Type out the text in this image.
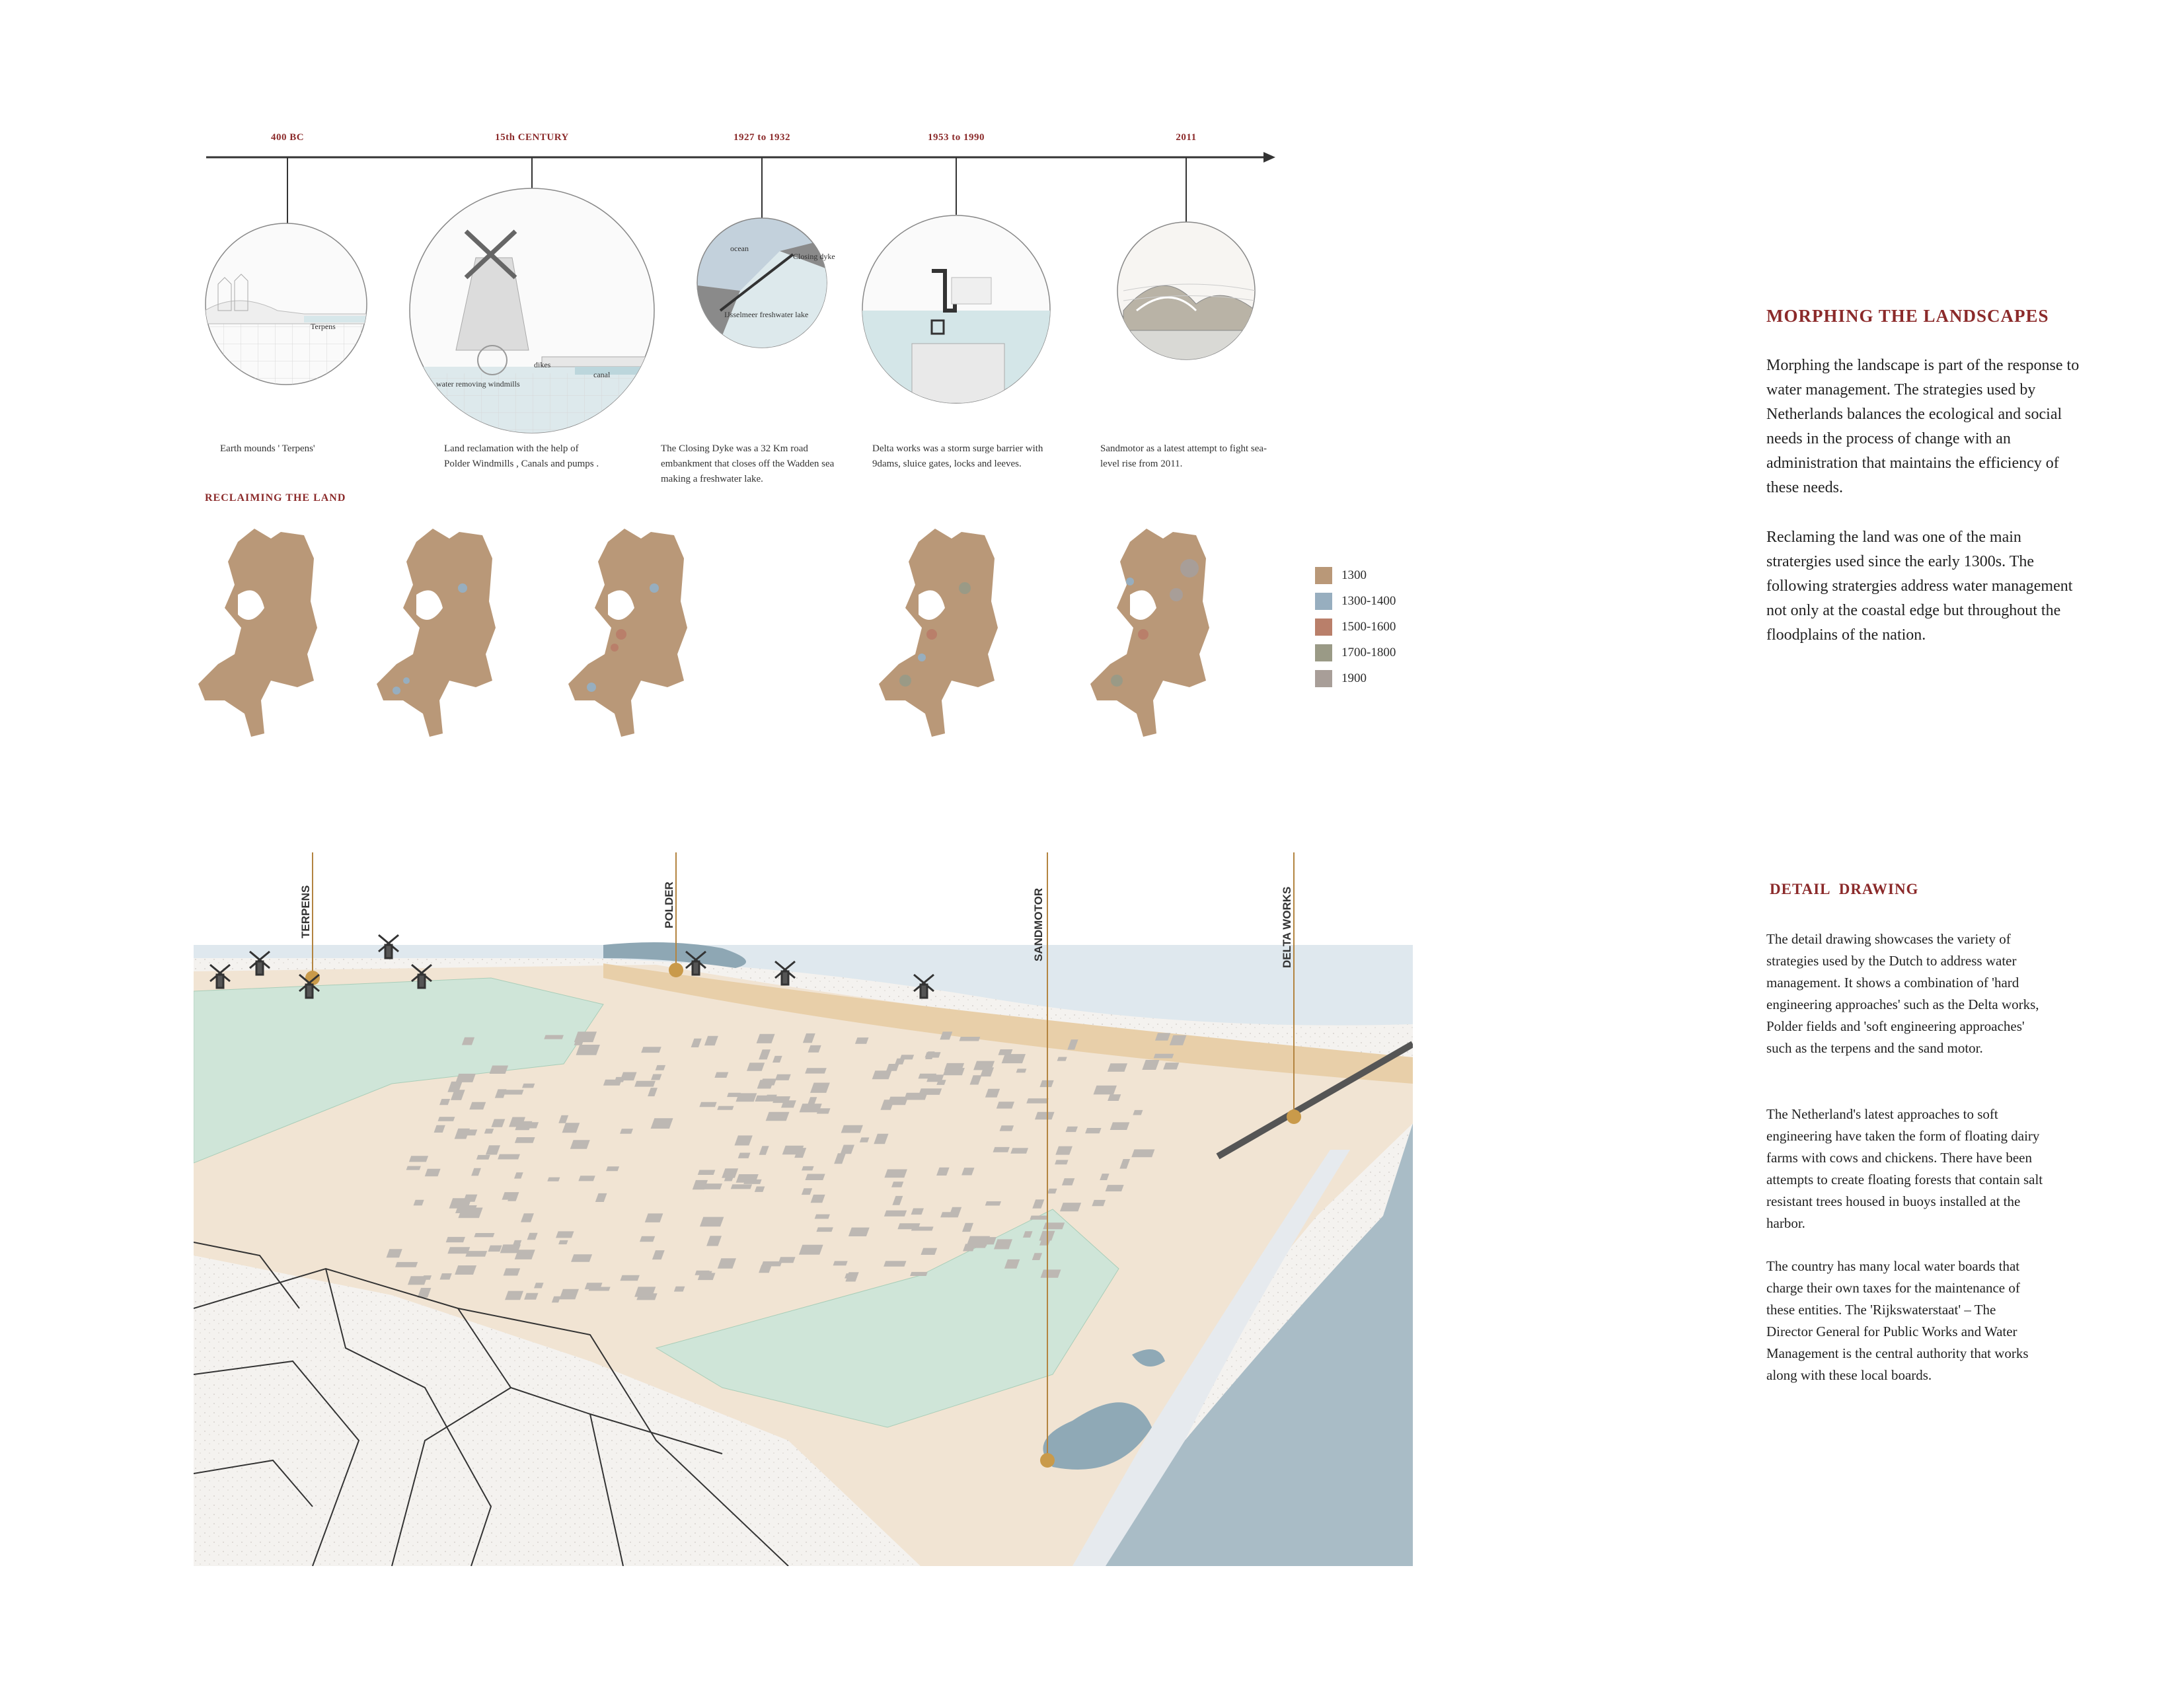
Terpens
dikes
canal
water removing windmills
ocean
Closing dyke
IJsselmeer freshwater lake
400 BC	15th CENTURY	1927 to 1932	1953 to 1990	2011
Earth mounds ' Terpens'	Land reclamation with the help of Polder Windmills , Canals and pumps .
The Closing Dyke was a 32 Km road embankment that closes off the Wadden sea making a freshwater lake.
Delta works was a storm surge barrier with 9dams, sluice gates, locks and leeves.
Sandmotor as a latest attempt to fight sea-level rise from 2011.
RECLAIMING THE LAND
1300
1300-1400
1500-1600
1700-1800
1900
TERPENS	POLDER	SANDMOTOR	DELTA WORKS
MORPHING THE LANDSCAPES
Morphing the landscape is part of the response to water management. The strategies used by Netherlands balances the ecological and social needs in the process of change with an administration that maintains the efficiency of these needs.
Reclaming the land was one of the main stratergies used since the early 1300s. The following stratergies address water management not only at the coastal edge but throughout the floodplains of the nation.
DETAIL  DRAWING
The detail drawing showcases the variety of strategies used by the Dutch to address water management. It shows a combination of 'hard engineering approaches' such as the Delta works, Polder fields and 'soft engineering approaches' such as the terpens and the sand motor.
The Netherland's latest approaches to soft engineering have taken the form of floating dairy farms with cows and chickens. There have been attempts to create floating forests that contain salt resistant trees housed in buoys installed at the harbor.
The country has many local water boards that charge their own taxes for the maintenance of these entities. The 'Rijkswaterstaat' – The Director General for Public Works and Water Management is the central authority that works along with these local boards.
